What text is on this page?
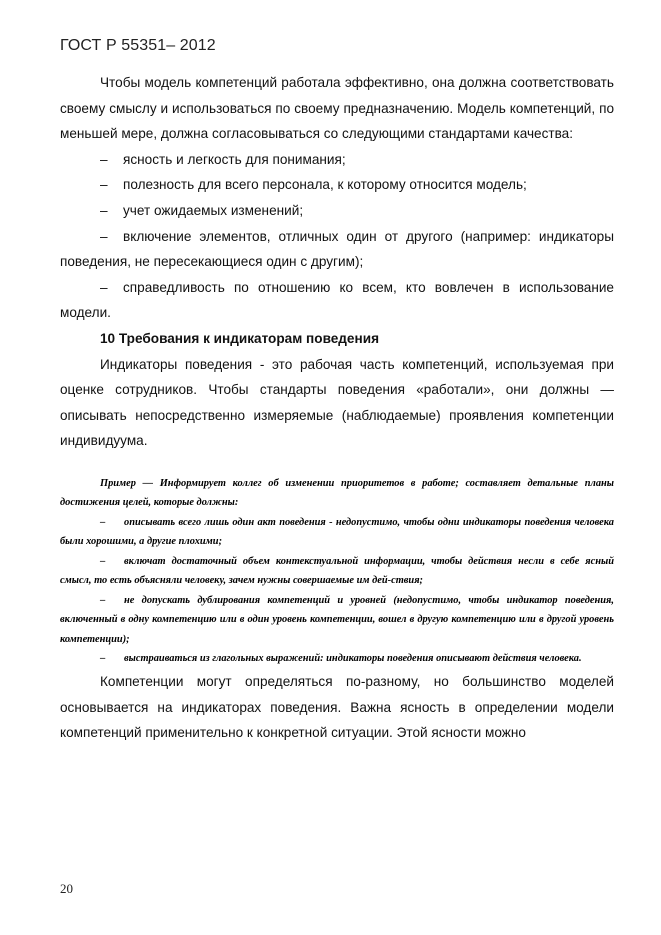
ГОСТ Р 55351– 2012

Чтобы модель компетенций работала эффективно, она должна соответствовать своему смыслу и использоваться по своему предназначению. Модель компетенций, по меньшей мере, должна согласовываться со следующими стандартами качества:

–	ясность и легкость для понимания;
–	полезность для всего персонала, к которому относится модель;
–	учет ожидаемых изменений;

– включение элементов, отличных один от другого (например: индикаторы поведения, не пересекающиеся один с другим);

– справедливость по отношению ко всем, кто вовлечен в использование модели.

10 Требования к индикаторам поведения

Индикаторы поведения - это рабочая часть компетенций, используемая при оценке сотрудников. Чтобы стандарты поведения «работали», они должны — описывать непосредственно измеряемые (наблюдаемые) проявления компетенции индивидуума.

Пример — Информирует коллег об изменении приоритетов в работе; составляет детальные планы достижения целей, которые должны:

– описывать всего лишь один акт поведения - недопустимо, чтобы одни индикаторы поведения человека были хорошими, а другие плохими;

– включат достаточный объем контекстуальной информации, чтобы действия несли в себе ясный смысл, то есть объясняли человеку, зачем нужны совершаемые им дей-ствия;

– не допускать дублирования компетенций и уровней (недопустимо, чтобы индикатор поведения, включенный в одну компетенцию или в один уровень компетенции, вошел в другую компетенцию или в другой уровень компетенции);

– выстраиваться из глагольных выражений: индикаторы поведения описывают действия человека.

Компетенции могут определяться по-разному, но большинство моделей основывается на индикаторах поведения. Важна ясность в определении модели компетенций применительно к конкретной ситуации. Этой ясности можно

20
